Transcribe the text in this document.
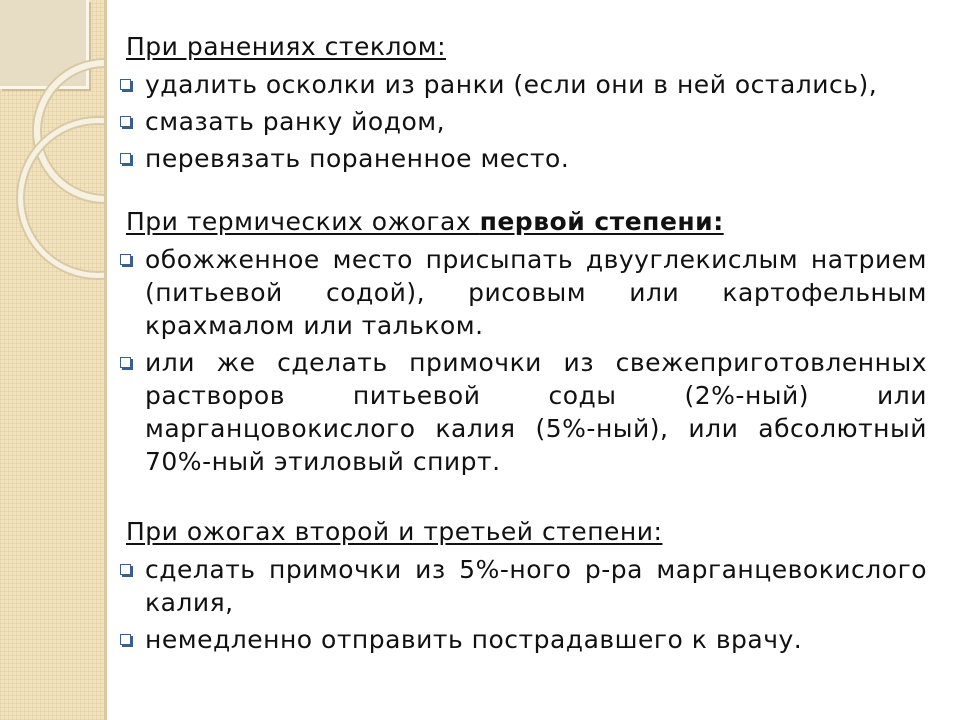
При ранениях стеклом:
удалить осколки из ранки (если они в ней остались),
смазать ранку йодом,
перевязать пораненное место.
При термических ожогах первой степени:
обожженное место присыпать двууглекислым натрием (питьевой содой), рисовым или картофельным крахмалом или тальком.
или же сделать примочки из свежеприготовленных растворов питьевой соды (2%-ный) или марганцовокислого калия (5%-ный), или абсолютный 70%-ный этиловый спирт.
При ожогах второй и третьей степени:
сделать примочки из 5%-ного р-ра марганцевокислого калия,
немедленно отправить пострадавшего к врачу.
